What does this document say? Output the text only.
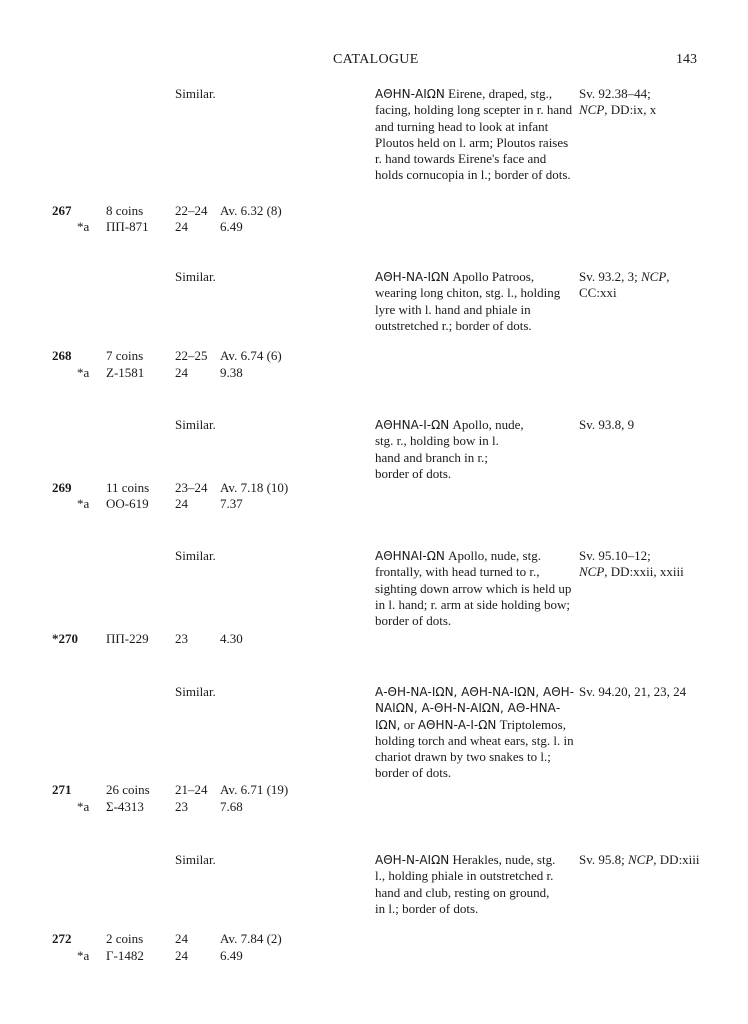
CATALOGUE	143
Similar.	ΑΘΗΝ-ΑΙΩΝ Eirene, draped, stg., facing, holding long scepter in r. hand and turning head to look at infant Ploutos held on l. arm; Ploutos raises r. hand towards Eirene's face and holds cornucopia in l.; border of dots.
Sv. 92.38–44;
NCP, DD:ix, x
267	8 coins 22–24 Av. 6.32 (8)
*a ΠΠ-871 24 6.49
Similar.	ΑΘΗ-ΝΑ-ΙΩΝ Apollo Patroos, wearing long chiton, stg. l., holding lyre with l. hand and phiale in outstretched r.; border of dots.
Sv. 93.2, 3; NCP, CC:xxi
268	7 coins 22–25 Av. 6.74 (6)
*a Ζ-1581 24 9.38
Similar.	ΑΘΗΝΑ-Ι-ΩΝ Apollo, nude, stg. r., holding bow in l. hand and branch in r.; border of dots.
Sv. 93.8, 9
269	11 coins 23–24 Av. 7.18 (10)
*a ΟΟ-619 24 7.37
Similar.	ΑΘΗΝΑΙ-ΩΝ Apollo, nude, stg. frontally, with head turned to r., sighting down arrow which is held up in l. hand; r. arm at side holding bow; border of dots.
Sv. 95.10–12;
NCP, DD:xxii, xxiii
*270 ΠΠ-229 23 4.30
Similar.	Α-ΘΗ-ΝΑ-ΙΩΝ, ΑΘΗ-ΝΑ-ΙΩΝ, ΑΘΗ-ΝΑΙΩΝ, Α-ΘΗ-Ν-ΑΙΩΝ, ΑΘ-ΗΝΑ-ΙΩΝ, or ΑΘΗΝ-Α-Ι-ΩΝ Triptolemos, holding torch and wheat ears, stg. l. in chariot drawn by two snakes to l.; border of dots.
Sv. 94.20, 21, 23, 24
271	26 coins 21–24 Av. 6.71 (19)
*a Σ-4313 23 7.68
Similar.	ΑΘΗ-Ν-ΑΙΩΝ Herakles, nude, stg. l., holding phiale in outstretched r. hand and club, resting on ground, in l.; border of dots.
Sv. 95.8; NCP, DD:xiii
272	2 coins 24 Av. 7.84 (2)
*a Γ-1482 24 6.49
